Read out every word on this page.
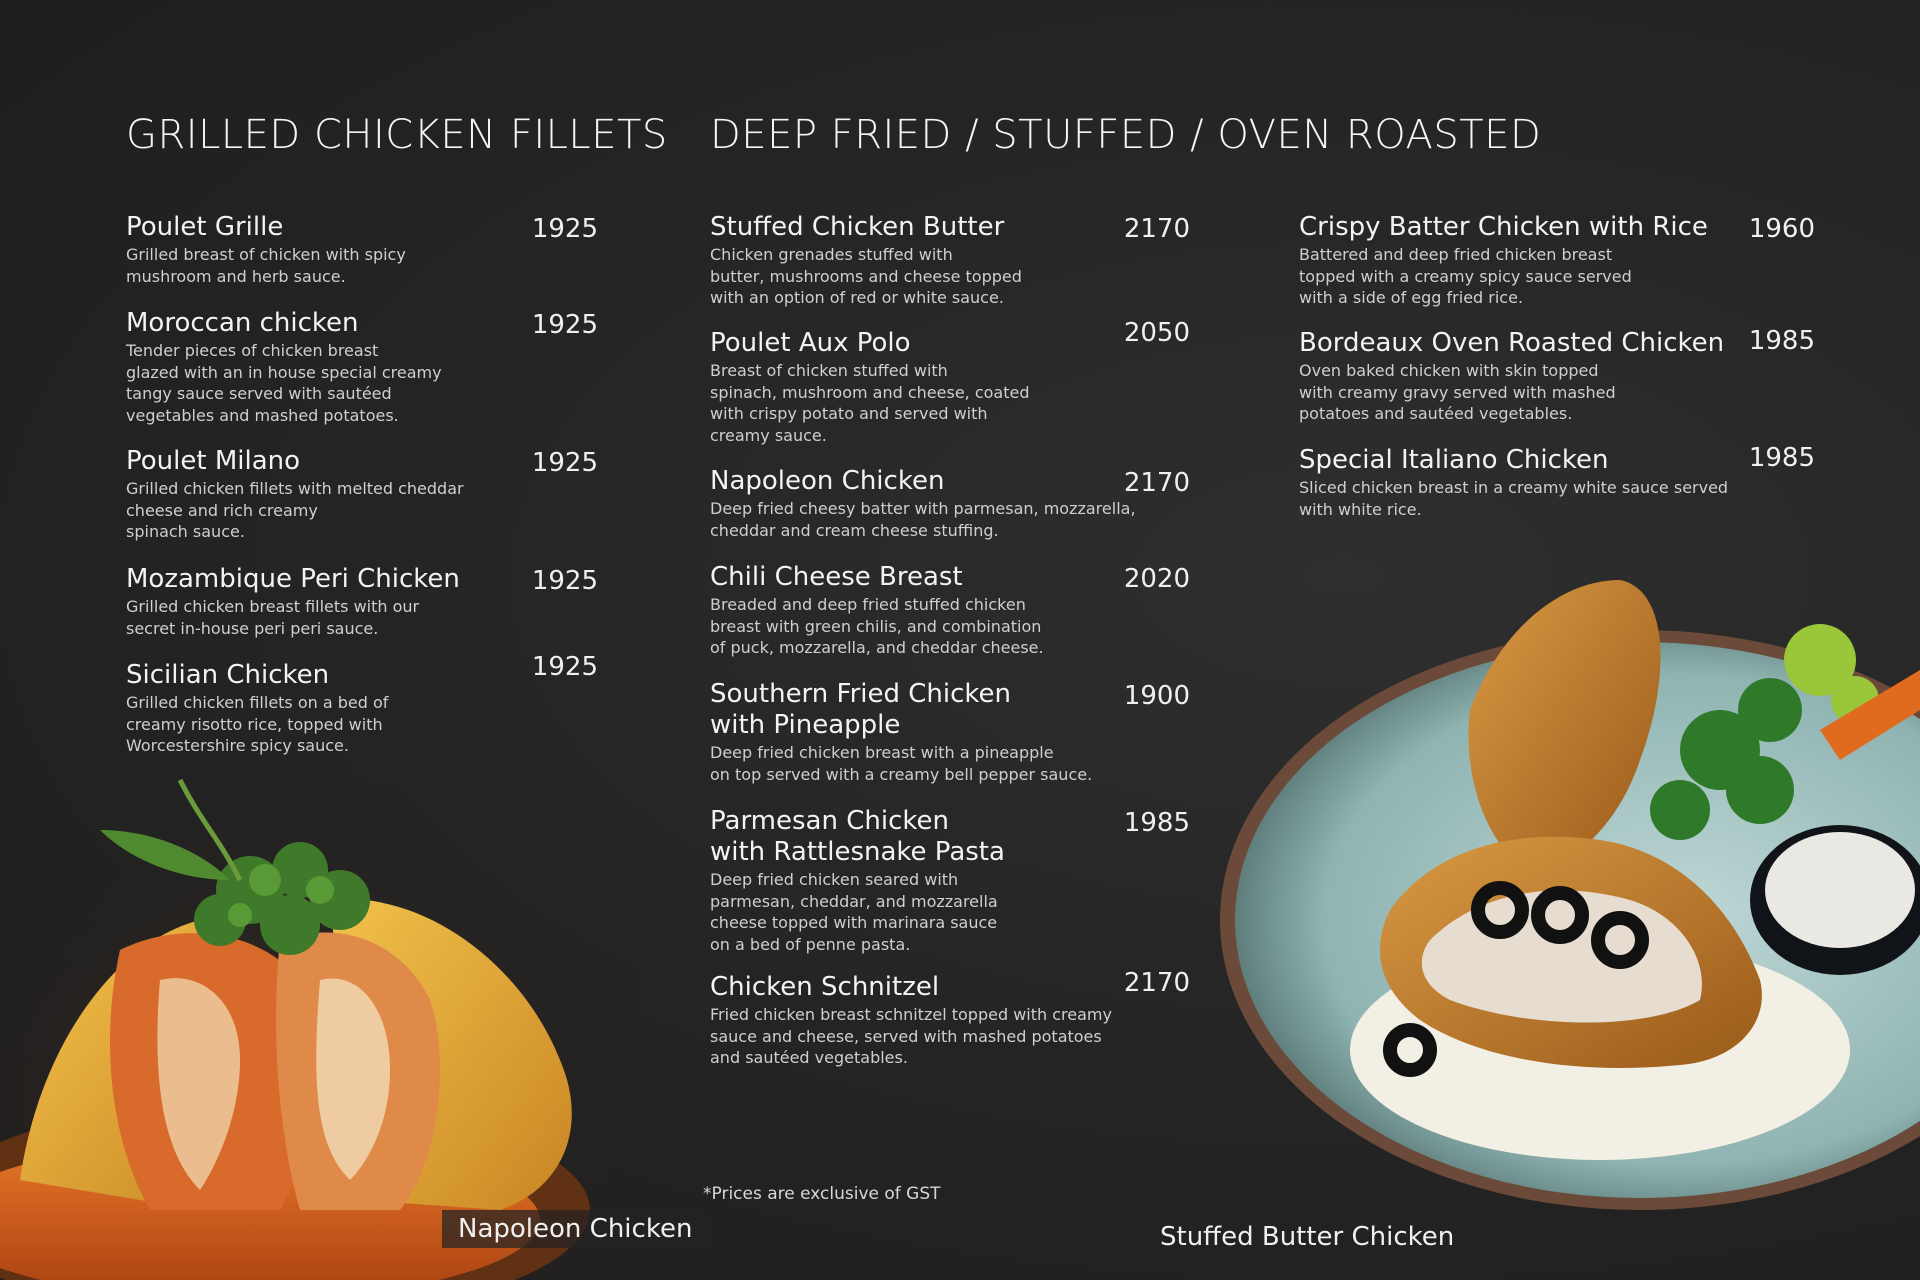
GRILLED CHICKEN FILLETS DEEP FRIED / STUFFED / OVEN ROASTED
Poulet Grille	1925
Grilled breast of chicken with spicy
mushroom and herb sauce.
Moroccan chicken	1925
Tender pieces of chicken breast
glazed with an in house special creamy
tangy sauce served with sautéed
vegetables and mashed potatoes.
Poulet Milano	1925
Grilled chicken fillets with melted cheddar
cheese and rich creamy
spinach sauce.
Mozambique Peri Chicken	1925
Grilled chicken breast fillets with our
secret in-house peri peri sauce.
Sicilian Chicken	1925
Grilled chicken fillets on a bed of
creamy risotto rice, topped with
Worcestershire spicy sauce.
Stuffed Chicken Butter	2170
Chicken grenades stuffed with
butter, mushrooms and cheese topped
with an option of red or white sauce.
Poulet Aux Polo	2050
Breast of chicken stuffed with
spinach, mushroom and cheese, coated
with crispy potato and served with
creamy sauce.
Napoleon Chicken	2170
Deep fried cheesy batter with parmesan, mozzarella,
cheddar and cream cheese stuffing.
Chili Cheese Breast	2020
Breaded and deep fried stuffed chicken
breast with green chilis, and combination
of puck, mozzarella, and cheddar cheese.
Southern Fried Chicken
with Pineapple
1900
Deep fried chicken breast with a pineapple
on top served with a creamy bell pepper sauce.
Parmesan Chicken
with Rattlesnake Pasta
1985
Deep fried chicken seared with
parmesan, cheddar, and mozzarella
cheese topped with marinara sauce
on a bed of penne pasta.
Chicken Schnitzel	2170
Fried chicken breast schnitzel topped with creamy
sauce and cheese, served with mashed potatoes
and sautéed vegetables.
Crispy Batter Chicken with Rice	1960
Battered and deep fried chicken breast
topped with a creamy spicy sauce served
with a side of egg fried rice.
Bordeaux Oven Roasted Chicken 1985
Oven baked chicken with skin topped
with creamy gravy served with mashed
potatoes and sautéed vegetables.
Special Italiano Chicken	1985
Sliced chicken breast in a creamy white sauce served
with white rice.
*Prices are exclusive of GST
Napoleon Chicken	Stuffed Butter Chicken
